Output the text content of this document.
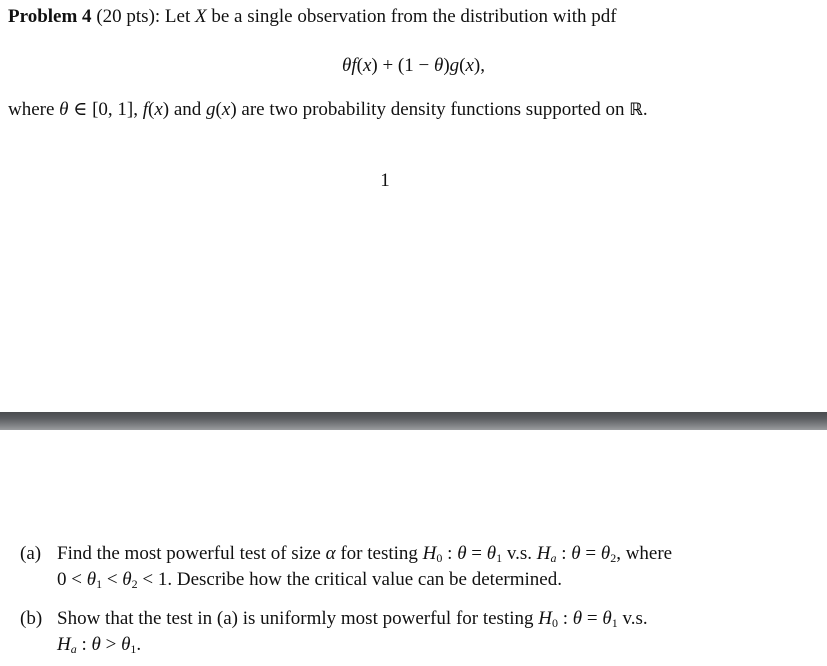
Problem 4 (20 pts): Let X be a single observation from the distribution with pdf
θf(x) + (1 − θ)g(x),
where θ ∈ [0, 1], f(x) and g(x) are two probability density functions supported on ℝ.
1
(a) Find the most powerful test of size α for testing $H_0$ : $\theta = \theta_1$ v.s. $H_a$ : $\theta = \theta_2$, where
$0 < \theta_1 < \theta_2 < 1$. Describe how the critical value can be determined.
(b) Show that the test in (a) is uniformly most powerful for testing $H_0$ : $\theta = \theta_1$ v.s.
$H_a$ : $\theta > \theta_1$.
